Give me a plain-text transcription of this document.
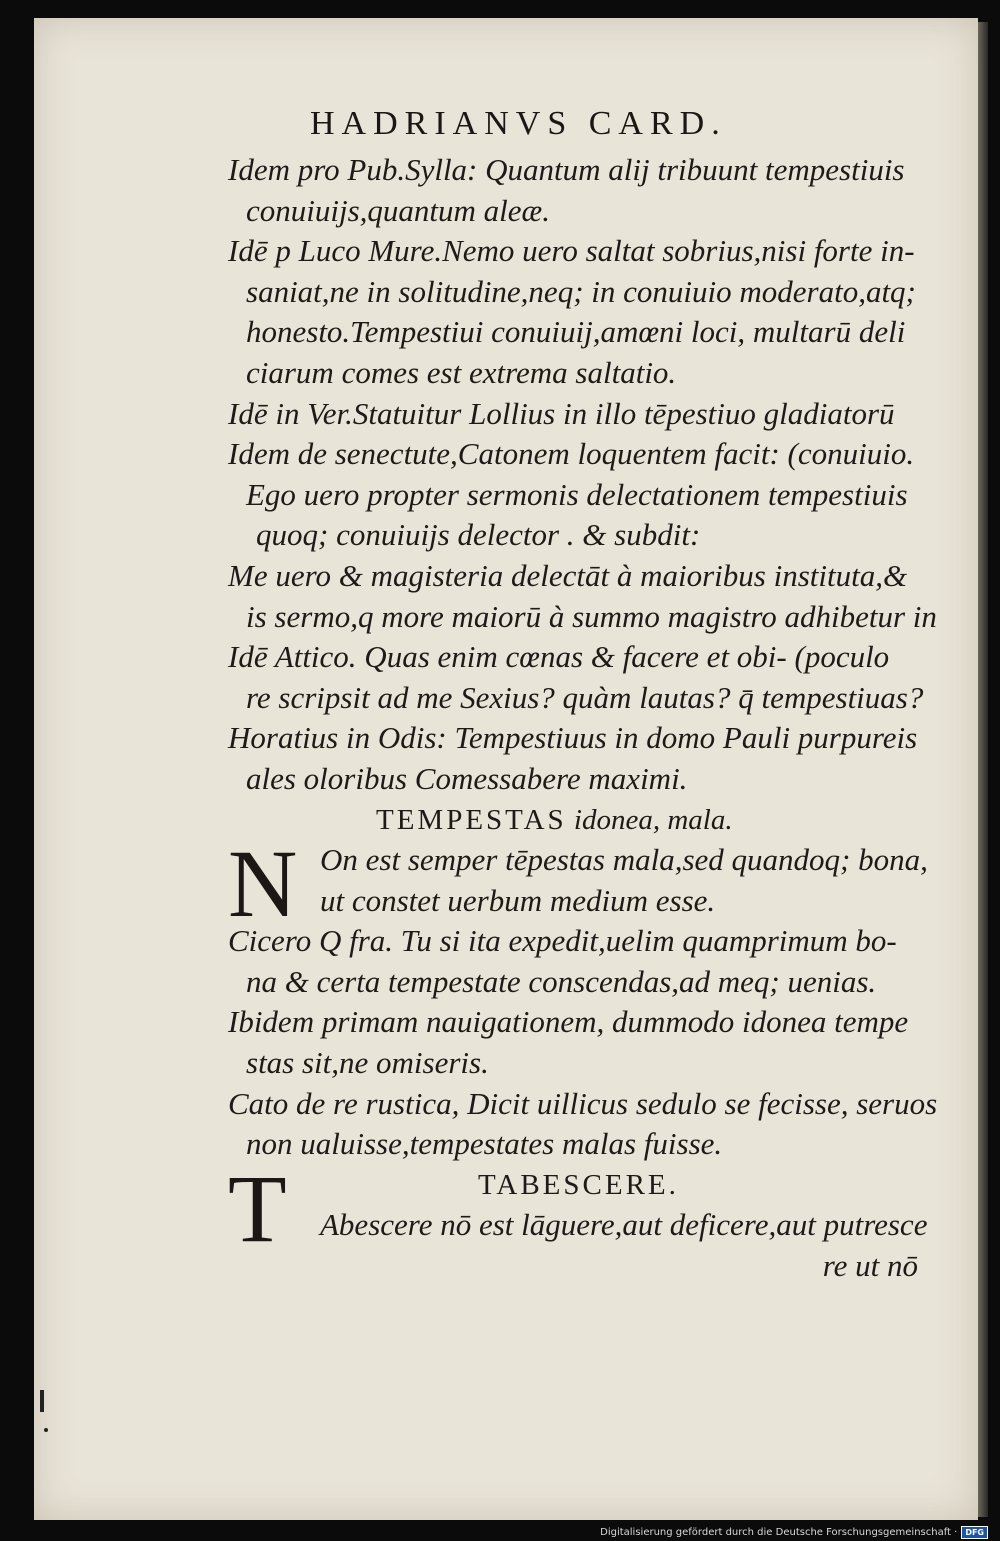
HADRIANVS CARD.
Idem pro Pub.Sylla: Quantum alij tribuunt tempestiuis
conuiuijs,quantum aleæ.
Idē p Luco Mure.Nemo uero saltat sobrius,nisi forte in-
saniat,ne in solitudine,neq; in conuiuio moderato,atq;
honesto.Tempestiui conuiuij,amœni loci, multarū deli
ciarum comes est extrema saltatio.
Idē in Ver.Statuitur Lollius in illo tēpestiuo gladiatorū
Idem de senectute,Catonem loquentem facit: (conuiuio.
Ego uero propter sermonis delectationem tempestiuis
quoq; conuiuijs delector . & subdit:
Me uero & magisteria delectāt à maioribus instituta,&
is sermo,q more maiorū à summo magistro adhibetur in
Idē Attico. Quas enim cœnas & facere et obi- (poculo
re scripsit ad me Sexius? quàm lautas? q̄ tempestiuas?
Horatius in Odis: Tempestiuus in domo Pauli purpureis
ales oloribus Comessabere maximi.
TEMPESTAS idonea, mala.
N On est semper tēpestas mala,sed quandoq; bona,
ut constet uerbum medium esse.
Cicero Q fra. Tu si ita expedit,uelim quamprimum bo-
na & certa tempestate conscendas,ad meq; uenias.
Ibidem primam nauigationem, dummodo idonea tempe
stas sit,ne omiseris.
Cato de re rustica, Dicit uillicus sedulo se fecisse, seruos
non ualuisse,tempestates malas fuisse.
T	TABESCERE.
Abescere nō est lāguere,aut deficere,aut putresce
re ut nō
Digitalisierung gefördert durch die Deutsche Forschungsgemeinschaft ·	DFG
